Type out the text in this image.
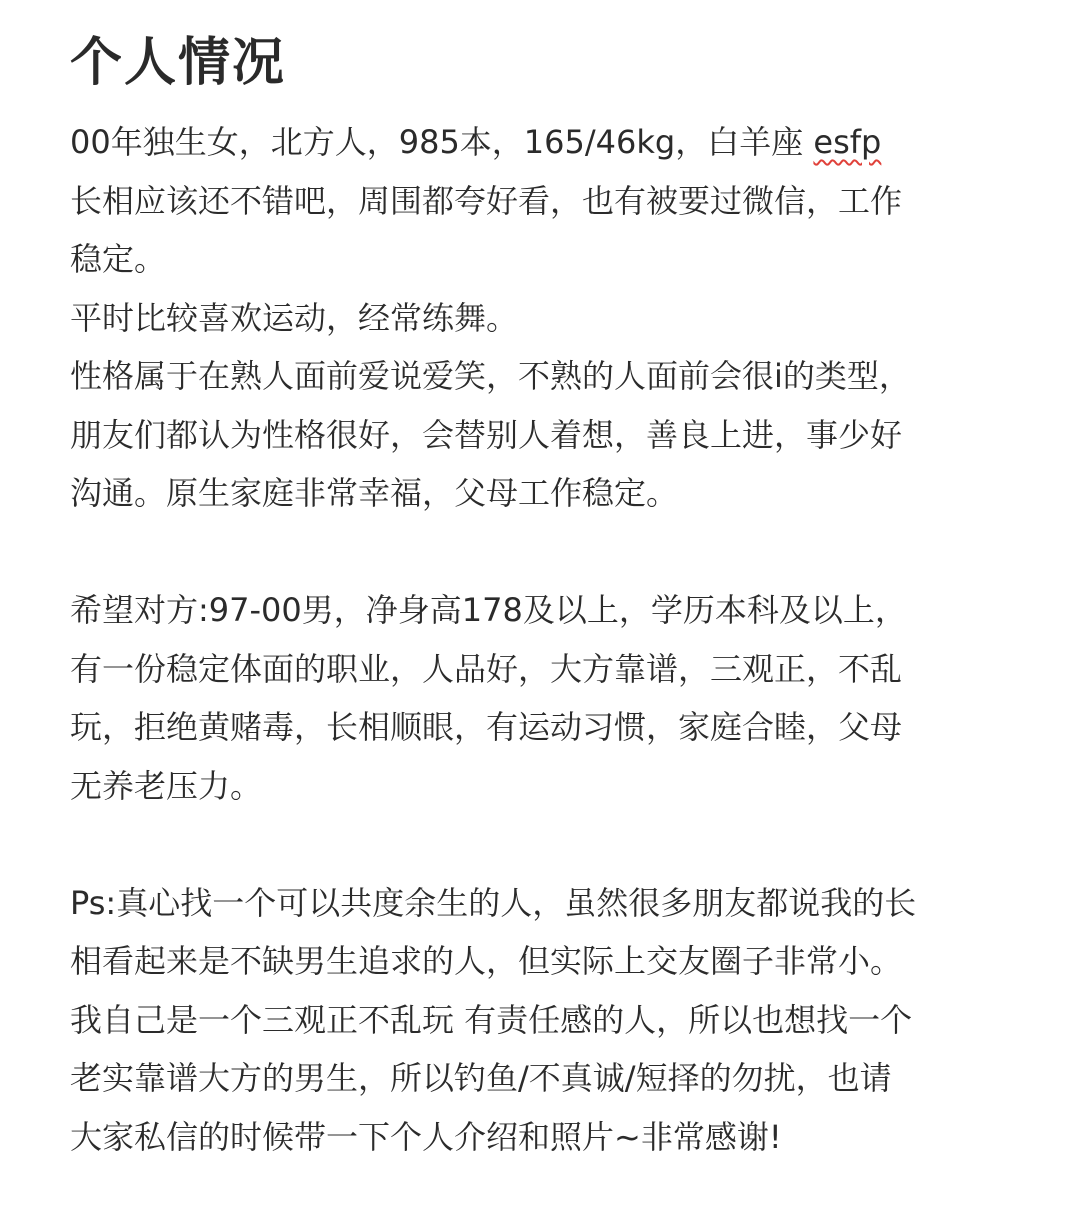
个人情况
00年独生女，北方人，985本，165/46kg，白羊座 esfp
长相应该还不错吧，周围都夸好看，也有被要过微信，工作
稳定。
平时比较喜欢运动，经常练舞。
性格属于在熟人面前爱说爱笑，不熟的人面前会很i的类型，
朋友们都认为性格很好，会替别人着想，善良上进，事少好
沟通。原生家庭非常幸福，父母工作稳定。
希望对方:97-00男，净身高178及以上，学历本科及以上，
有一份稳定体面的职业，人品好，大方靠谱，三观正，不乱
玩，拒绝黄赌毒，长相顺眼，有运动习惯，家庭合睦，父母
无养老压力。
Ps:真心找一个可以共度余生的人，虽然很多朋友都说我的长
相看起来是不缺男生追求的人，但实际上交友圈子非常小。
我自己是一个三观正不乱玩 有责任感的人，所以也想找一个
老实靠谱大方的男生，所以钓鱼/不真诚/短择的勿扰，也请
大家私信的时候带一下个人介绍和照片~非常感谢!
